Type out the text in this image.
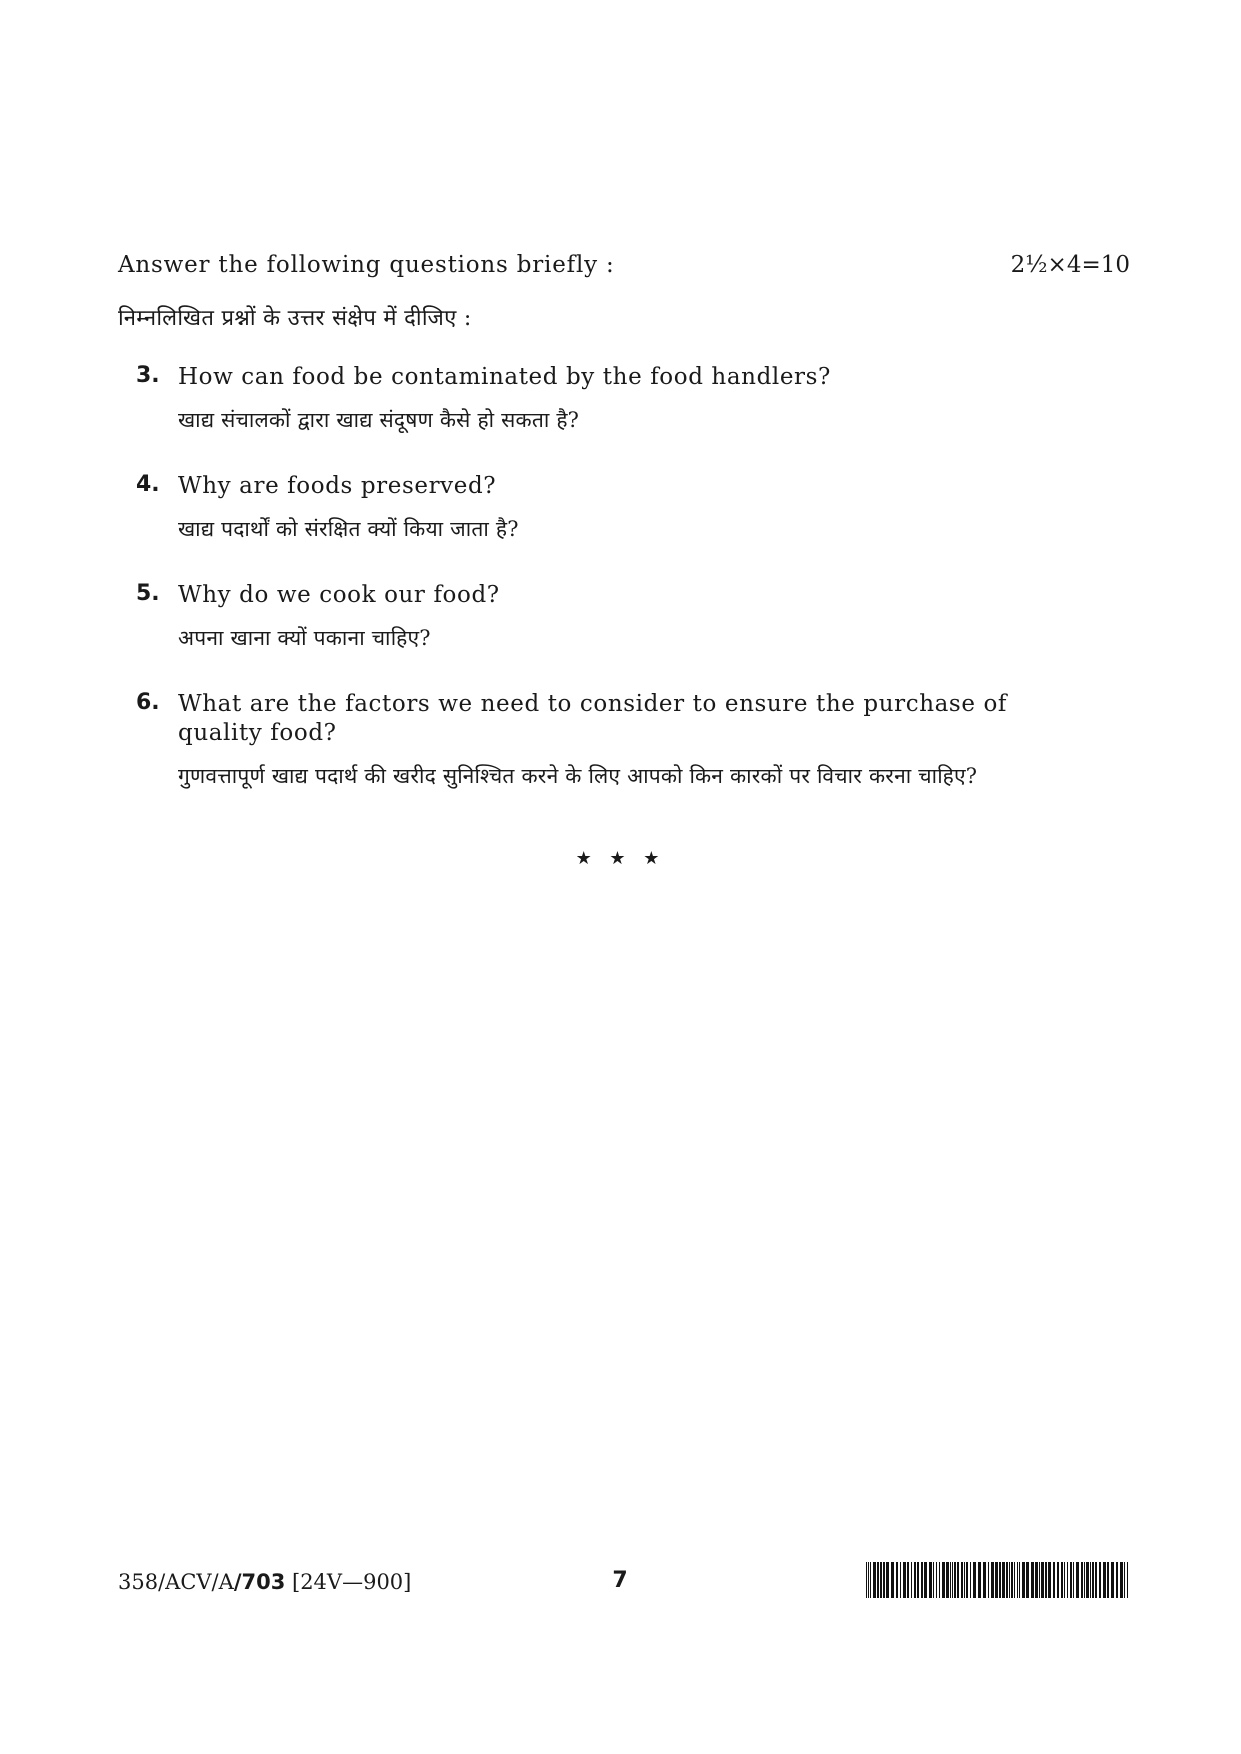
Answer the following questions briefly :	2½×4=10
निम्नलिखित प्रश्नों के उत्तर संक्षेप में दीजिए :
3. How can food be contaminated by the food handlers?
खाद्य संचालकों द्वारा खाद्य संदूषण कैसे हो सकता है?
4. Why are foods preserved?
खाद्य पदार्थों को संरक्षित क्यों किया जाता है?
5. Why do we cook our food?
अपना खाना क्यों पकाना चाहिए?
6. What are the factors we need to consider to ensure the purchase of quality food?
गुणवत्तापूर्ण खाद्य पदार्थ की खरीद सुनिश्चित करने के लिए आपको किन कारकों पर विचार करना चाहिए?
★ ★ ★
358/ACV/A/703 [24V—900]	7
